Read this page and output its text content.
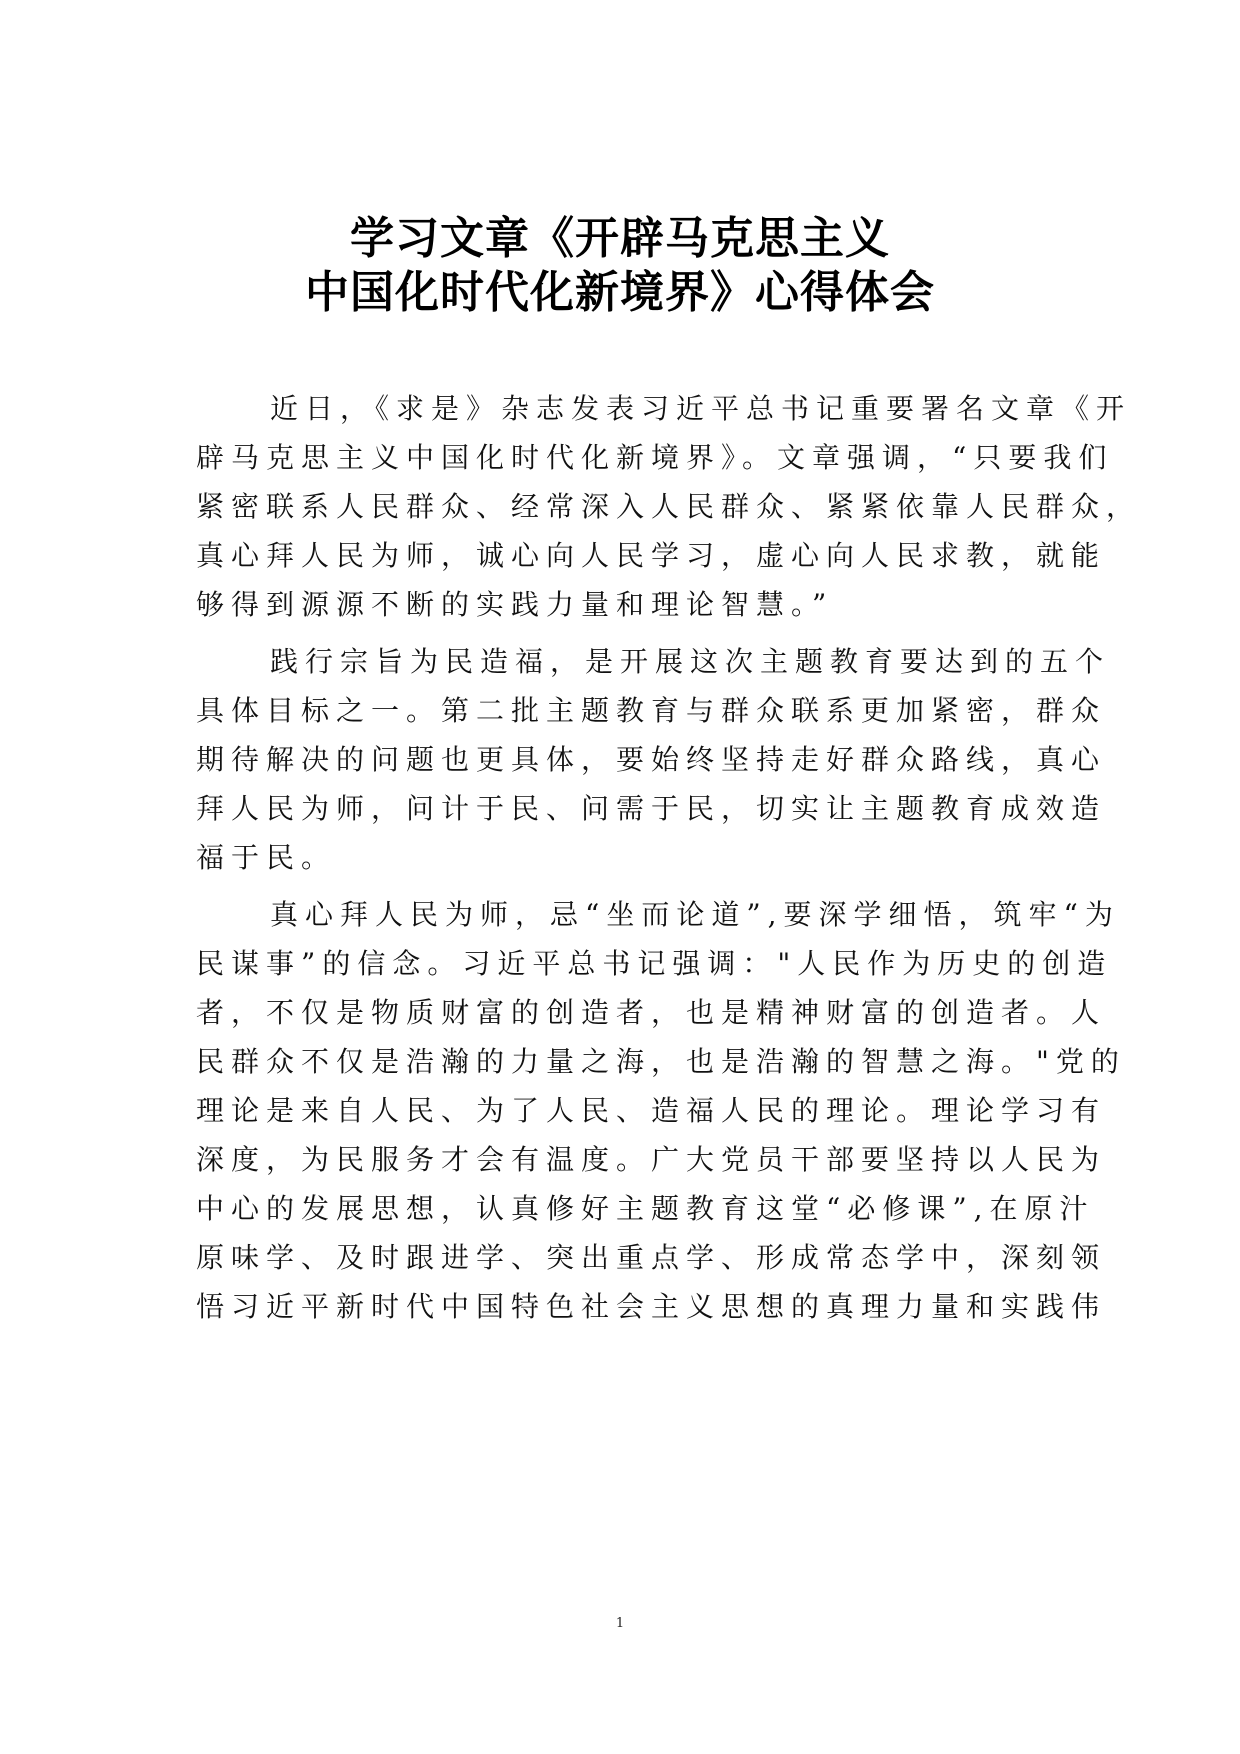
学习文章《开辟马克思主义
中国化时代化新境界》心得体会

近日，《求是》杂志发表习近平总书记重要署名文章《开
辟马克思主义中国化时代化新境界》。文章强调，“只要我们
紧密联系人民群众、经常深入人民群众、紧紧依靠人民群众，
真心拜人民为师，诚心向人民学习，虚心向人民求教，就能
够得到源源不断的实践力量和理论智慧。”

践行宗旨为民造福，是开展这次主题教育要达到的五个
具体目标之一。第二批主题教育与群众联系更加紧密，群众
期待解决的问题也更具体，要始终坚持走好群众路线，真心
拜人民为师，问计于民、问需于民，切实让主题教育成效造
福于民。

真心拜人民为师，忌“坐而论道”,要深学细悟，筑牢“为
民谋事”的信念。习近平总书记强调："人民作为历史的创造
者，不仅是物质财富的创造者，也是精神财富的创造者。人
民群众不仅是浩瀚的力量之海，也是浩瀚的智慧之海。"党的
理论是来自人民、为了人民、造福人民的理论。理论学习有
深度，为民服务才会有温度。广大党员干部要坚持以人民为
中心的发展思想，认真修好主题教育这堂“必修课”,在原汁
原味学、及时跟进学、突出重点学、形成常态学中，深刻领
悟习近平新时代中国特色社会主义思想的真理力量和实践伟

1
